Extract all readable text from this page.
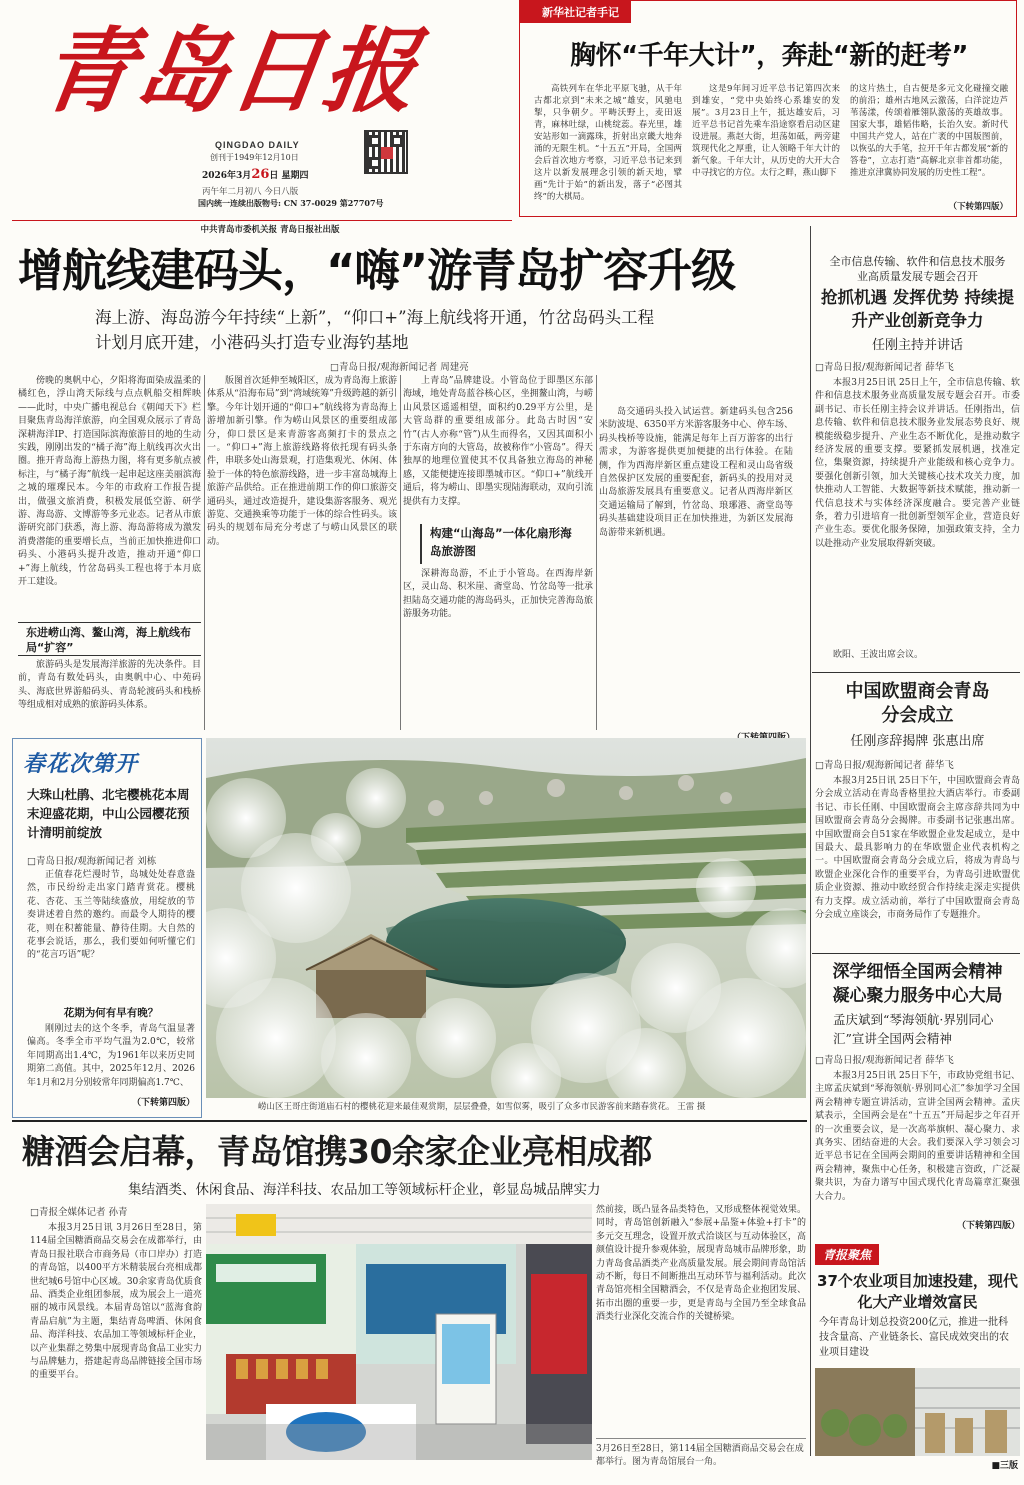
青岛日报
QINGDAO DAILY
创刊于1949年12月10日
2026年3月26日 星期四
丙午年二月初八 今日八版
国内统一连续出版物号: CN 37-0029 第27707号
中共青岛市委机关报 青岛日报社出版
新华社记者手记
胸怀“千年大计”，奔赴“新的赶考”

高铁列车在华北平原飞驰，从千年古都北京到“未来之城”雄安，风驰电掣，只争朝夕。平畴沃野上，麦田返青，麻林吐绿，山桃绽蕊。春光里，雄安站形如一滴露珠，折射出京畿大地奔涌的无限生机。“十五五”开局，全国两会后首次地方考察，习近平总书记来到这片以新发展理念引领的新天地，擘画“先计于始”的新出发，落子“必图其终”的大棋局。

这是9年间习近平总书记第四次来到雄安，“党中央始终心系雄安的发展”。3月23日上午，抵达雄安后，习近平总书记首先乘车沿途察看启动区建设进展。燕赵大街，坦荡如砥，两旁建筑现代化之厚重，让人领略千年大计的新气象。千年大计，从历史的大开大合中寻找它的方位。太行之畔，燕山脚下

的这片热土，自古便是多元文化碰撞交融的前沿；雄州古地风云激荡，白洋淀边芦苇荡漾，传颂着雁翎队激荡的英雄故事。国家大事，雄韬伟略，长治久安。新时代中国共产党人，站在广袤的中国版图前，以恢弘的大手笔，拉开千年古都发展“新的答卷”，立志打造“高解北京非首都功能，推进京津冀协同发展的历史性工程”。

（下转第四版）
增航线建码头，“嗨”游青岛扩容升级
海上游、海岛游今年持续“上新”，“仰口+”海上航线将开通，竹岔岛码头工程
计划月底开建，小港码头打造专业海钓基地
□青岛日报/观海新闻记者 周建亮

傍晚的奥帆中心，夕阳将海面染成温柔的橘红色，浮山湾天际线与点点帆船交相辉映——此时，中央广播电视总台《朝闻天下》栏目聚焦青岛海洋旅游，向全国观众展示了青岛深耕海洋IP、打造国际滨海旅游目的地的生动实践，刚刚出发的“橘子海”海上航线再次火出圈。推开青岛海上游热力图，将有更多航点被标注，与“橘子海”航线一起串起这座美丽滨海之城的璀璨民本。今年的市政府工作报告提出，做强文旅消费，积极发展低空游、研学游、海岛游、文博游等多元业态。记者从市旅游研究部门获悉，海上游、海岛游将成为激发消费潜能的重要增长点，当前正加快推进仰口码头、小港码头提升改造，推动开通“仰口+”海上航线，竹岔岛码头工程也将于本月底开工建设。

东进崂山湾、鳌山湾，海上航线布局“扩容”

旅游码头是发展海洋旅游的先决条件。目前，青岛有数处码头，由奥帆中心、中苑码头、海底世界游船码头、青岛轮渡码头和栈桥等组成相对成熟的旅游码头体系。

版图首次延伸至城阳区，成为青岛海上旅游体系从“沿海布局”到“湾域统筹”升级跨越的新引擎。今年计划开通的“仰口+”航线将为青岛海上游增加新引擎。作为崂山风景区的重要组成部分，仰口景区是来青游客高频打卡的景点之一。“仰口+”海上旅游线路将依托现有码头条件，串联多处山海景观，打造集观光、休闲、体验于一体的特色旅游线路，进一步丰富岛城海上旅游产品供给。正在推进前期工作的仰口旅游交通码头，通过改造提升，建设集游客服务、观光游览、交通换乘等功能于一体的综合性码头。该码头的规划布局充分考虑了与崂山风景区的联动。

上青岛”品牌建设。小管岛位于即墨区东部海域，地处青岛蓝谷核心区，坐拥鳌山湾，与崂山风景区遥遥相望，面积约0.29平方公里，是大管岛群的重要组成部分。此岛古时因“安竹”(古人亦称“管”)从生而得名，又因其面积小于东南方向的大管岛，故被称作“小管岛”。得天独厚的地理位置使其不仅具备独立海岛的神秘感，又能便捷连接即墨城市区。“仰口+”航线开通后，将为崂山、即墨实现陆海联动，双向引流提供有力支撑。

构建“山海岛”一体化扇形海岛旅游图

深耕海岛游，不止于小管岛。在西海岸新区，灵山岛、积米崖、斋堂岛、竹岔岛等一批承担陆岛交通功能的海岛码头，正加快完善海岛旅游服务功能。

岛交通码头投入试运营。新建码头包含256米防波堤、6350平方米游客服务中心、停车场、码头栈桥等设施，能满足每年上百万游客的出行需求，为游客提供更加便捷的出行体验。在陆侧，作为西海岸新区重点建设工程和灵山岛省级自然保护区发展的重要配套，新码头的投用对灵山岛旅游发展具有重要意义。记者从西海岸新区交通运输局了解到，竹岔岛、琅琊港、斋堂岛等码头基础建设项目正在加快推进，为新区发展海岛游带来新机遇。

全市信息传输、软件和信息技术服务业高质量发展专题会召开
抢抓机遇 发挥优势 持续提升产业创新竞争力
任刚主持并讲话
□青岛日报/观海新闻记者 薛华飞

本报3月25日讯 25日上午，全市信息传输、软件和信息技术服务业高质量发展专题会召开。市委副书记、市长任刚主持会议并讲话。任刚指出，信息传输、软件和信息技术服务业发展态势良好、规模能级稳步提升、产业生态不断优化，是推动数字经济发展的重要支撑。要紧抓发展机遇，找准定位，集聚资源，持续提升产业能级和核心竞争力。要强化创新引领，加大关键核心技术攻关力度，加快推动人工智能、大数据等新技术赋能，推动新一代信息技术与实体经济深度融合。要完善产业链条，着力引进培育一批创新型领军企业，营造良好产业生态。要优化服务保障，加强政策支持，全力以赴推动产业发展取得新突破。

欧阳、王波出席会议。
中国欧盟商会青岛分会成立
任刚彦辞揭牌 张惠出席
□青岛日报/观海新闻记者 薛华飞

本报3月25日讯 25日下午，中国欧盟商会青岛分会成立活动在青岛香格里拉大酒店举行。市委副书记、市长任刚、中国欧盟商会主席彦辞共同为中国欧盟商会青岛分会揭牌。市委副书记张惠出席。中国欧盟商会自51家在华欧盟企业发起成立，是中国最大、最具影响力的在华欧盟企业代表机构之一。中国欧盟商会青岛分会成立后，将成为青岛与欧盟企业深化合作的重要平台，为青岛引进欧盟优质企业资源、推动中欧经贸合作持续走深走实提供有力支撑。成立活动前，举行了中国欧盟商会青岛分会成立座谈会，市商务局作了专题推介。

深学细悟全国两会精神 凝心聚力服务中心大局
孟庆斌到“琴海领航·界别同心汇”宣讲全国两会精神
□青岛日报/观海新闻记者 薛华飞

本报3月25日讯 25日下午，市政协党组书记、主席孟庆斌到“琴海领航·界别同心汇”参加学习全国两会精神专题宣讲活动，宣讲全国两会精神。孟庆斌表示，全国两会是在“十五五”开局起步之年召开的一次重要会议，是一次高举旗帜、凝心聚力、求真务实、团结奋进的大会。我们要深入学习领会习近平总书记在全国两会期间的重要讲话精神和全国两会精神，聚焦中心任务，积极建言资政，广泛凝聚共识，为奋力谱写中国式现代化青岛篇章汇聚强大合力。

（下转第四版）
春花次第开
大珠山杜鹃、北宅樱桃花本周末迎盛花期，中山公园樱花预计清明前绽放
□青岛日报/观海新闻记者 刘栋

正值春花烂漫时节，岛城处处春意盎然，市民纷纷走出家门踏青赏花。樱桃花、杏花、玉兰等陆续盛放，用绽放的节奏讲述着自然的邀约。而最令人期待的樱花，则在积蓄能量、静待佳期。大自然的花事会说话，那么，我们要如何听懂它们的“花言巧语”呢？

花期为何有早有晚？

刚刚过去的这个冬季，青岛气温显著偏高。冬季全市平均气温为2.0℃，较常年同期高出1.4℃，为1961年以来历史同期第二高值。其中，2025年12月、2026年1月和2月分别较常年同期偏高1.7℃、

（下转第四版）	崂山区王哥庄街道庙石村的樱桃花迎来最佳观赏期，层层叠叠，如雪似雾，吸引了众多市民游客前来踏春赏花。 王雷 摄
糖酒会启幕，青岛馆携30余家企业亮相成都
集结酒类、休闲食品、海洋科技、农品加工等领域标杆企业，彰显岛城品牌实力
□青报全媒体记者 孙青

本报3月25日讯 3月26日至28日，第114届全国糖酒商品交易会在成都举行，由青岛日报社联合市商务局（市口岸办）打造的青岛馆，以400平方米精装展台亮相成都世纪城6号馆中心区域。30余家青岛优质食品、酒类企业组团参展，成为展会上一道亮丽的城市风景线。本届青岛馆以“蓝海食韵 青品启航”为主题，集结青岛啤酒、休闲食品、海洋科技、农品加工等领域标杆企业，以产业集群之势集中展现青岛食品工业实力与品牌魅力，搭建起青岛品牌链接全国市场的重要平台。

然前接，既凸显各品类特色，又形成整体视觉效果。同时，青岛馆创新融入“参展+品鉴+体验+打卡”的多元交互理念，设置开放式洽谈区与互动体验区，高颜值设计提升参观体验，展现青岛城市品牌形象，助力青岛食品酒类产业高质量发展。展会期间青岛馆活动不断，每日不间断推出互动环节与福利活动。此次青岛馆亮相全国糖酒会，不仅是青岛企业抱团发展、拓市出圈的重要一步，更是青岛与全国乃至全球食品酒类行业深化交流合作的关键桥梁。

3月26日至28日，第114届全国糖酒商品交易会在成都举行。图为青岛馆展台一角。
青报聚焦
37个农业项目加速投建，现代化大产业增效富民
今年青岛计划总投资200亿元，推进一批科技含量高、产业链条长、富民成效突出的农业项目建设
■三版
